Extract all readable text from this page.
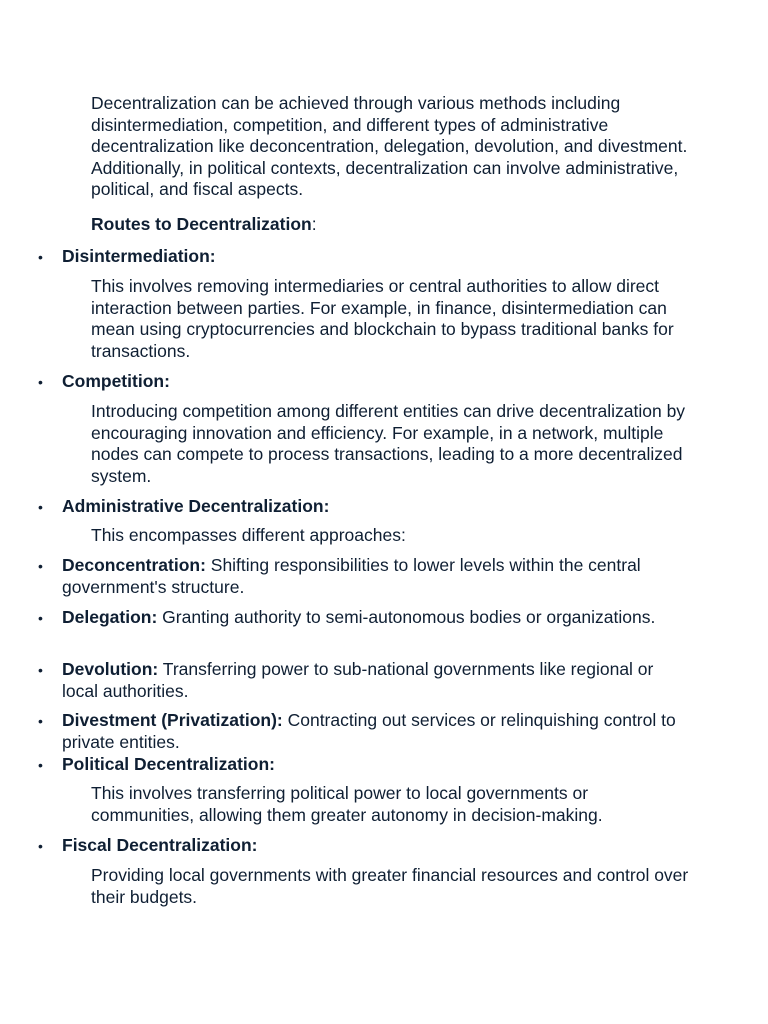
Decentralization can be achieved through various methods including disintermediation, competition, and different types of administrative decentralization like deconcentration, delegation, devolution, and divestment. Additionally, in political contexts, decentralization can involve administrative, political, and fiscal aspects.

Routes to Decentralization:

• Disintermediation:

This involves removing intermediaries or central authorities to allow direct interaction between parties. For example, in finance, disintermediation can mean using cryptocurrencies and blockchain to bypass traditional banks for transactions.

• Competition:

Introducing competition among different entities can drive decentralization by encouraging innovation and efficiency. For example, in a network, multiple nodes can compete to process transactions, leading to a more decentralized system.

• Administrative Decentralization:

This encompasses different approaches:

• Deconcentration: Shifting responsibilities to lower levels within the central government's structure.

• Delegation: Granting authority to semi-autonomous bodies or organizations.

• Devolution: Transferring power to sub-national governments like regional or local authorities.

• Divestment (Privatization): Contracting out services or relinquishing control to private entities.

• Political Decentralization:

This involves transferring political power to local governments or communities, allowing them greater autonomy in decision-making.

• Fiscal Decentralization:

Providing local governments with greater financial resources and control over their budgets.
